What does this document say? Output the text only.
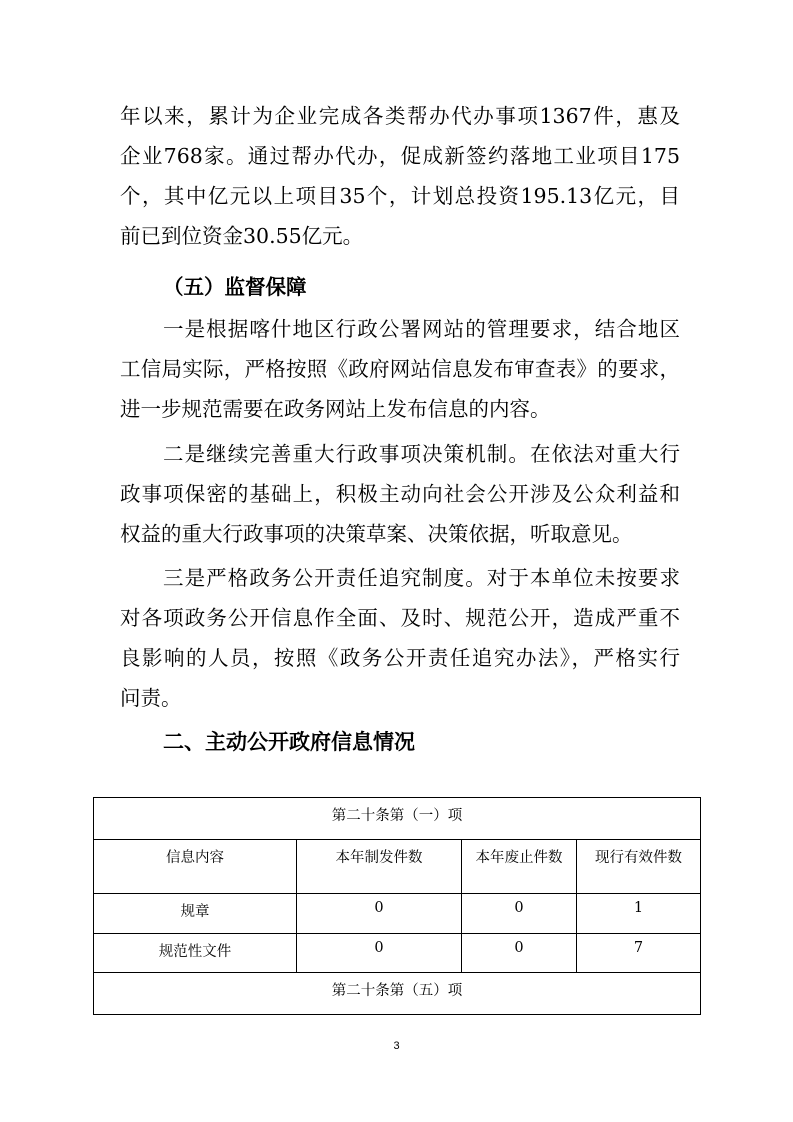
年以来，累计为企业完成各类帮办代办事项1367件，惠及
企业768家。通过帮办代办，促成新签约落地工业项目175
个，其中亿元以上项目35个，计划总投资195.13亿元，目
前已到位资金30.55亿元。
（五）监督保障
一是根据喀什地区行政公署网站的管理要求，结合地区
工信局实际，严格按照《政府网站信息发布审查表》的要求，
进一步规范需要在政务网站上发布信息的内容。
二是继续完善重大行政事项决策机制。在依法对重大行
政事项保密的基础上，积极主动向社会公开涉及公众利益和
权益的重大行政事项的决策草案、决策依据，听取意见。
三是严格政务公开责任追究制度。对于本单位未按要求
对各项政务公开信息作全面、及时、规范公开，造成严重不
良影响的人员，按照《政务公开责任追究办法》，严格实行
问责。
二、主动公开政府信息情况
第二十条第（一）项			
信息内容	本年制发件数	本年废止件数	现行有效件数
规章	0	0	1
规范性文件	0	0	7
第二十条第（五）项			
3
